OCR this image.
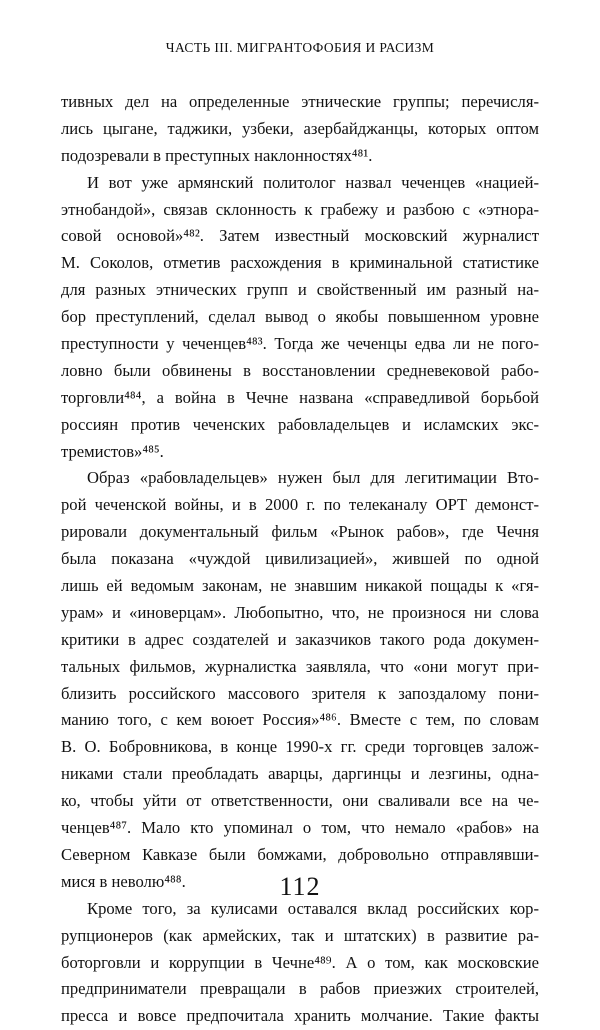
ЧАСТЬ III. МИГРАНТОФОБИЯ И РАСИЗМ
тивных дел на определенные этнические группы; перечисля-
лись цыгане, таджики, узбеки, азербайджанцы, которых оптом
подозревали в преступных наклонностях⁴⁸¹.
И вот уже армянский политолог назвал чеченцев «нацией-
этнобандой», связав склонность к грабежу и разбою с «этнора-
совой основой»⁴⁸². Затем известный московский журналист
М. Соколов, отметив расхождения в криминальной статистике
для разных этнических групп и свойственный им разный на-
бор преступлений, сделал вывод о якобы повышенном уровне
преступности у чеченцев⁴⁸³. Тогда же чеченцы едва ли не пого-
ловно были обвинены в восстановлении средневековой рабо-
торговли⁴⁸⁴, а война в Чечне названа «справедливой борьбой
россиян против чеченских рабовладельцев и исламских экс-
тремистов»⁴⁸⁵.
Образ «рабовладельцев» нужен был для легитимации Вто-
рой чеченской войны, и в 2000 г. по телеканалу ОРТ демонст-
рировали документальный фильм «Рынок рабов», где Чечня
была показана «чуждой цивилизацией», жившей по одной
лишь ей ведомым законам, не знавшим никакой пощады к «гя-
урам» и «иноверцам». Любопытно, что, не произнося ни слова
критики в адрес создателей и заказчиков такого рода докумен-
тальных фильмов, журналистка заявляла, что «они могут при-
близить российского массового зрителя к запоздалому пони-
манию того, с кем воюет Россия»⁴⁸⁶. Вместе с тем, по словам
В. О. Бобровникова, в конце 1990-х гг. среди торговцев залож-
никами стали преобладать аварцы, даргинцы и лезгины, одна-
ко, чтобы уйти от ответственности, они сваливали все на че-
ченцев⁴⁸⁷. Мало кто упоминал о том, что немало «рабов» на
Северном Кавказе были бомжами, добровольно отправлявши-
мися в неволю⁴⁸⁸.
Кроме того, за кулисами оставался вклад российских кор-
рупционеров (как армейских, так и штатских) в развитие ра-
боторговли и коррупции в Чечне⁴⁸⁹. А о том, как московские
предприниматели превращали в рабов приезжих строителей,
пресса и вовсе предпочитала хранить молчание. Такие факты
112
